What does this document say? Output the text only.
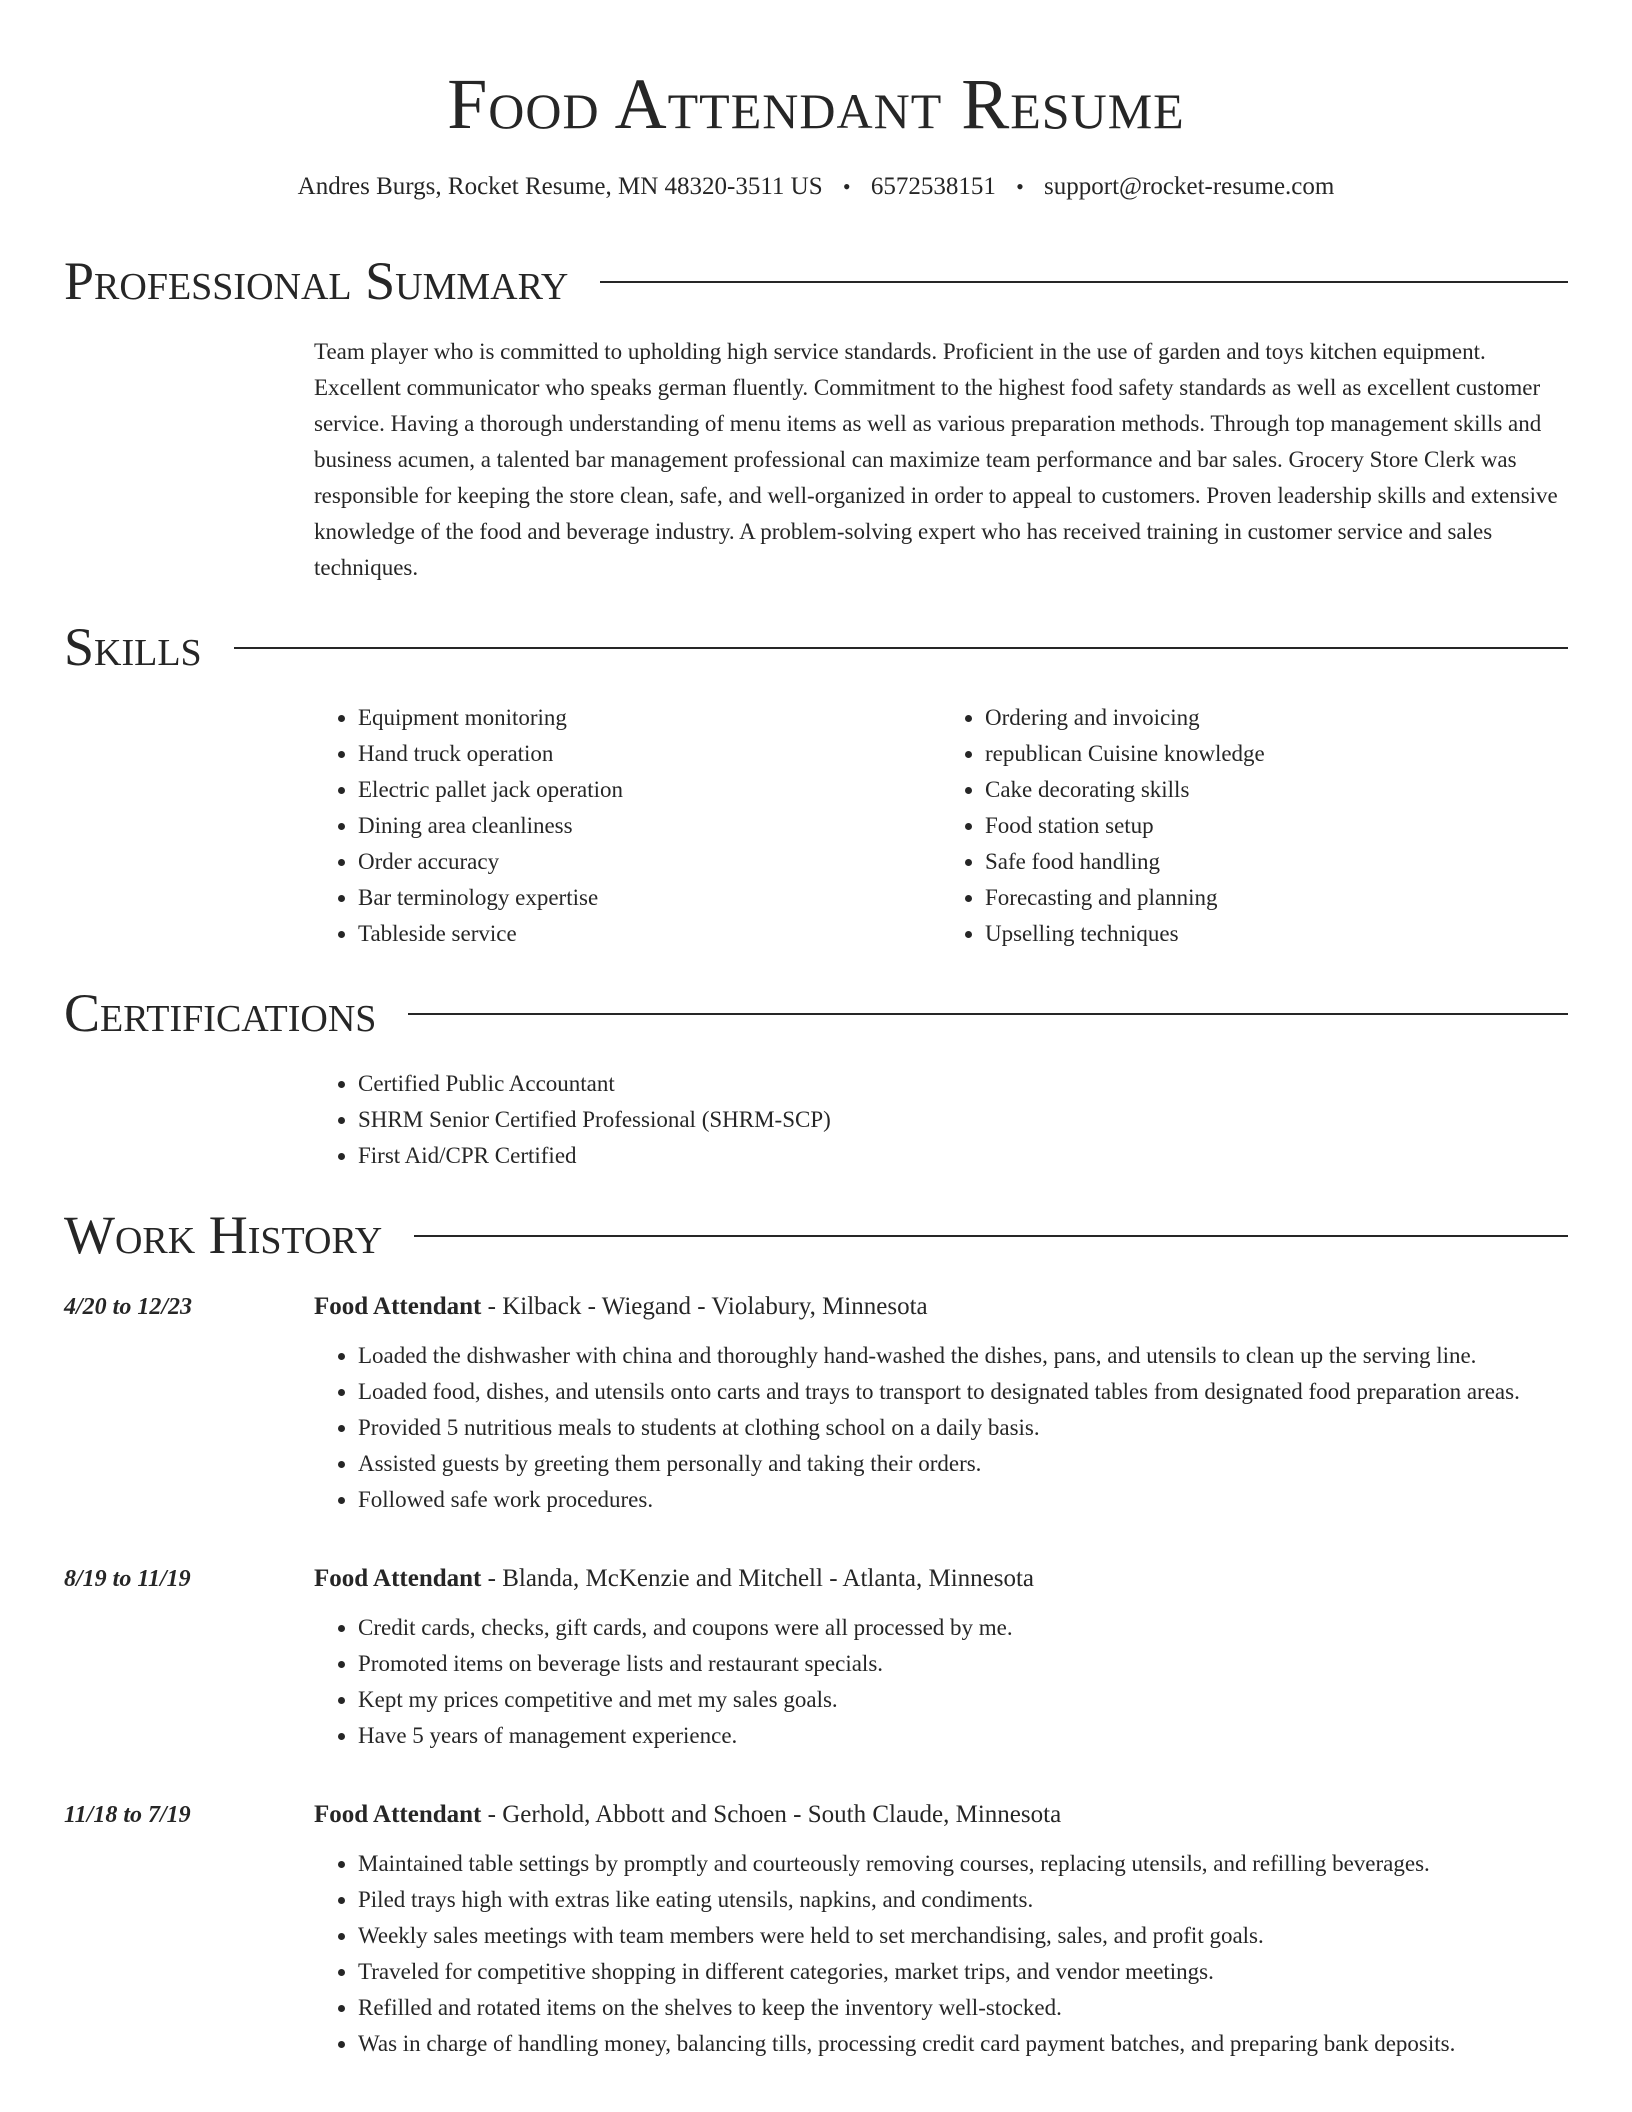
Food Attendant Resume
Andres Burgs, Rocket Resume, MN 48320-3511 US • 6572538151 • support@rocket-resume.com
Professional Summary
Team player who is committed to upholding high service standards. Proficient in the use of garden and toys kitchen equipment. Excellent communicator who speaks german fluently. Commitment to the highest food safety standards as well as excellent customer service. Having a thorough understanding of menu items as well as various preparation methods. Through top management skills and business acumen, a talented bar management professional can maximize team performance and bar sales. Grocery Store Clerk was responsible for keeping the store clean, safe, and well-organized in order to appeal to customers. Proven leadership skills and extensive knowledge of the food and beverage industry. A problem-solving expert who has received training in customer service and sales techniques.
Skills
• Equipment monitoring
• Hand truck operation
• Electric pallet jack operation
• Dining area cleanliness
• Order accuracy
• Bar terminology expertise
• Tableside service
• Ordering and invoicing
• republican Cuisine knowledge
• Cake decorating skills
• Food station setup
• Safe food handling
• Forecasting and planning
• Upselling techniques
Certifications
• Certified Public Accountant
• SHRM Senior Certified Professional (SHRM-SCP)
• First Aid/CPR Certified
Work History
4/20 to 12/23	Food Attendant - Kilback - Wiegand - Violabury, Minnesota
• Loaded the dishwasher with china and thoroughly hand-washed the dishes, pans, and utensils to clean up the serving line.
• Loaded food, dishes, and utensils onto carts and trays to transport to designated tables from designated food preparation areas.
• Provided 5 nutritious meals to students at clothing school on a daily basis.
• Assisted guests by greeting them personally and taking their orders.
• Followed safe work procedures.
8/19 to 11/19	Food Attendant - Blanda, McKenzie and Mitchell - Atlanta, Minnesota
• Credit cards, checks, gift cards, and coupons were all processed by me.
• Promoted items on beverage lists and restaurant specials.
• Kept my prices competitive and met my sales goals.
• Have 5 years of management experience.
11/18 to 7/19	Food Attendant - Gerhold, Abbott and Schoen - South Claude, Minnesota
• Maintained table settings by promptly and courteously removing courses, replacing utensils, and refilling beverages.
• Piled trays high with extras like eating utensils, napkins, and condiments.
• Weekly sales meetings with team members were held to set merchandising, sales, and profit goals.
• Traveled for competitive shopping in different categories, market trips, and vendor meetings.
• Refilled and rotated items on the shelves to keep the inventory well-stocked.
• Was in charge of handling money, balancing tills, processing credit card payment batches, and preparing bank deposits.
